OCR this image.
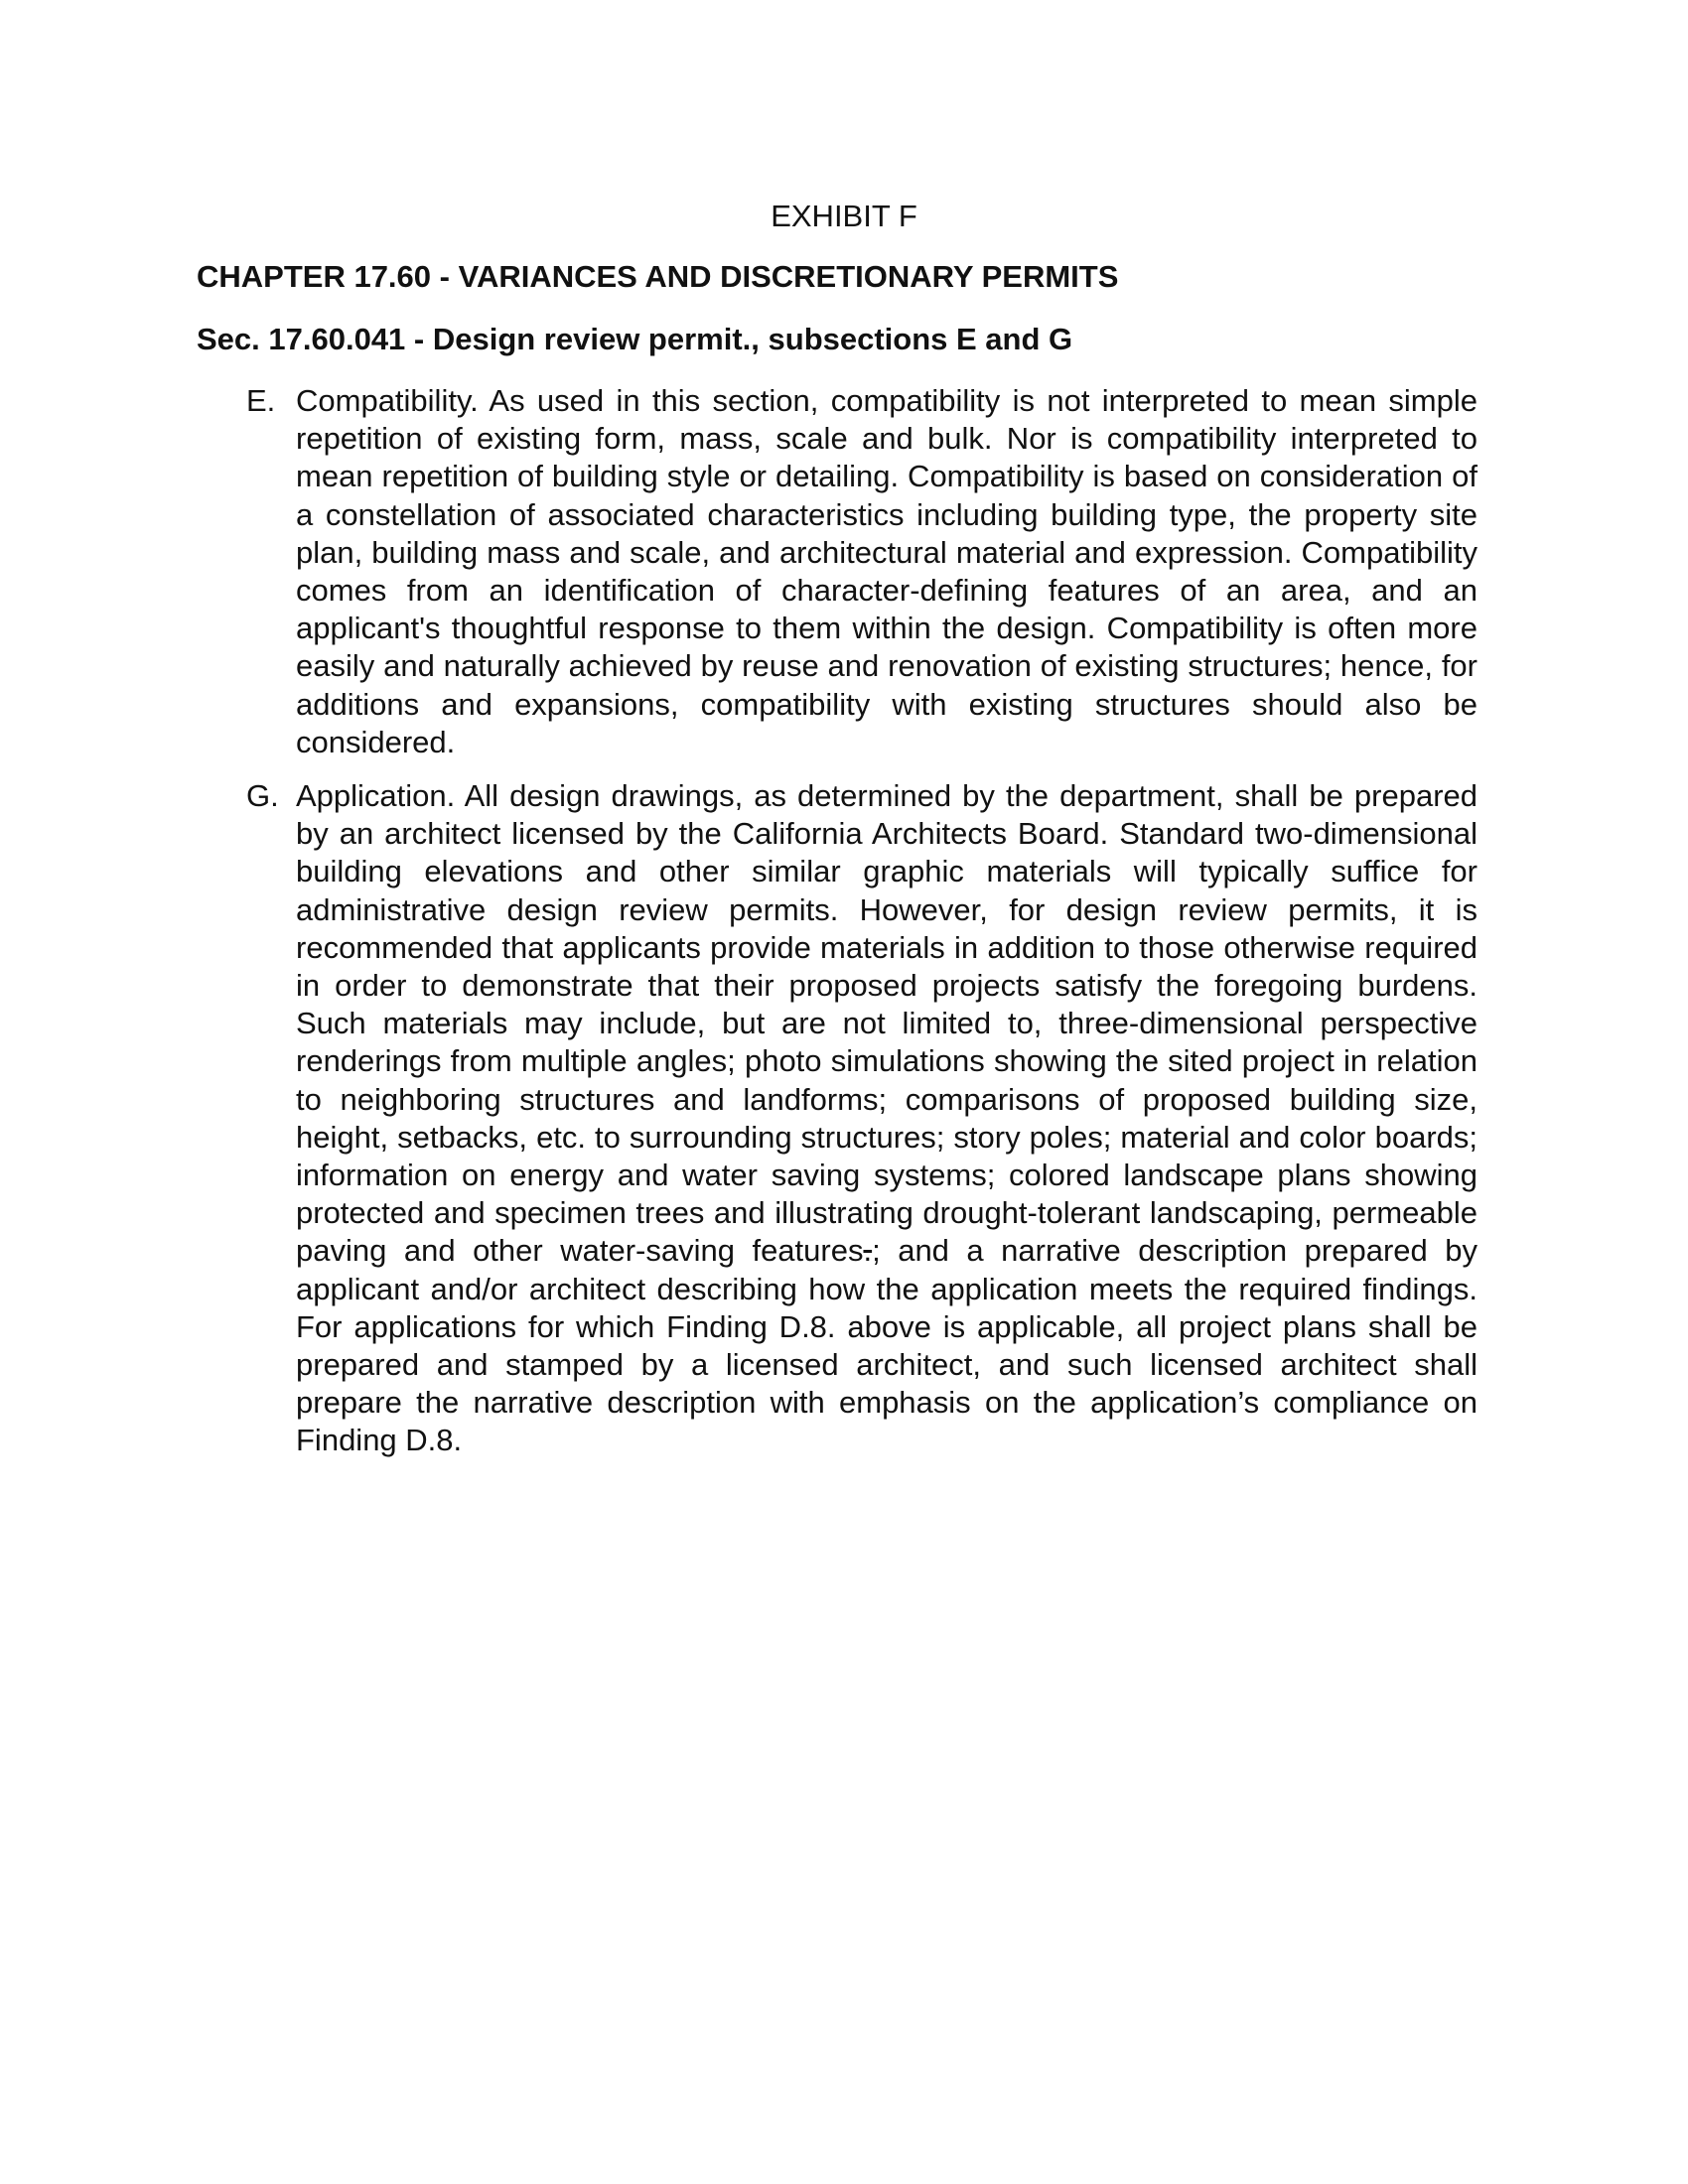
EXHIBIT F
CHAPTER 17.60 - VARIANCES AND DISCRETIONARY PERMITS
Sec. 17.60.041 - Design review permit., subsections E and G
E. Compatibility. As used in this section, compatibility is not interpreted to mean simple repetition of existing form, mass, scale and bulk. Nor is compatibility interpreted to mean repetition of building style or detailing. Compatibility is based on consideration of a constellation of associated characteristics including building type, the property site plan, building mass and scale, and architectural material and expression. Compatibility comes from an identification of character-defining features of an area, and an applicant's thoughtful response to them within the design. Compatibility is often more easily and naturally achieved by reuse and renovation of existing structures; hence, for additions and expansions, compatibility with existing structures should also be considered.
G. Application. All design drawings, as determined by the department, shall be prepared by an architect licensed by the California Architects Board. Standard two-dimensional building elevations and other similar graphic materials will typically suffice for administrative design review permits. However, for design review permits, it is recommended that applicants provide materials in addition to those otherwise required in order to demonstrate that their proposed projects satisfy the foregoing burdens. Such materials may include, but are not limited to, three-dimensional perspective renderings from multiple angles; photo simulations showing the sited project in relation to neighboring structures and landforms; comparisons of proposed building size, height, setbacks, etc. to surrounding structures; story poles; material and color boards; information on energy and water saving systems; colored landscape plans showing protected and specimen trees and illustrating drought-tolerant landscaping, permeable paving and other water-saving features.; and a narrative description prepared by applicant and/or architect describing how the application meets the required findings. For applications for which Finding D.8. above is applicable, all project plans shall be prepared and stamped by a licensed architect, and such licensed architect shall prepare the narrative description with emphasis on the application’s compliance on Finding D.8.
